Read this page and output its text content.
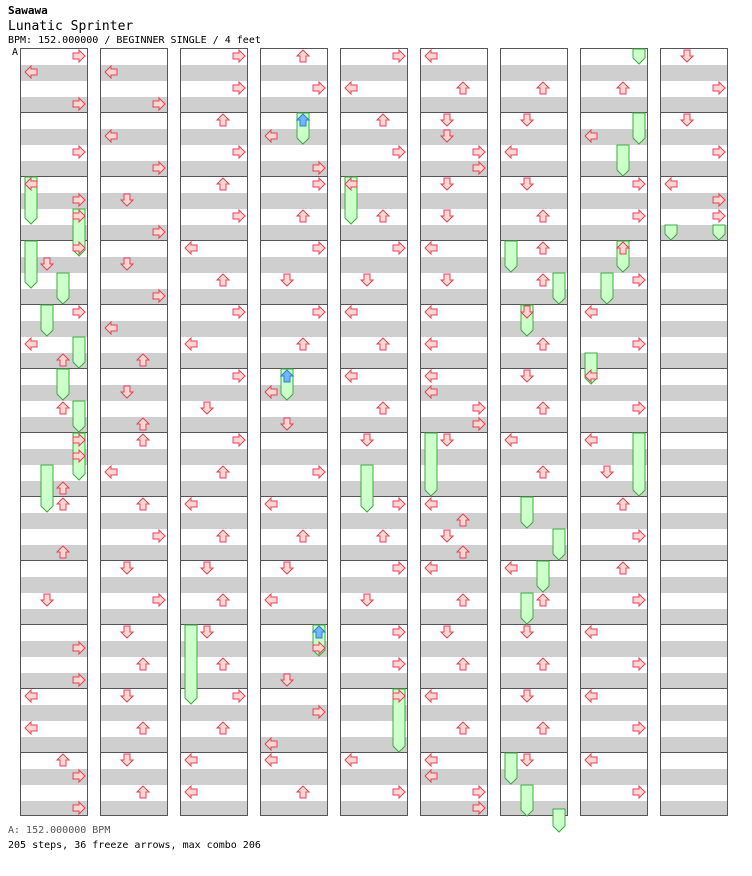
Sawawa
Lunatic Sprinter
BPM: 152.000000 / BEGINNER SINGLE / 4 feet
A
A: 152.000000 BPM
205 steps, 36 freeze arrows, max combo 206
